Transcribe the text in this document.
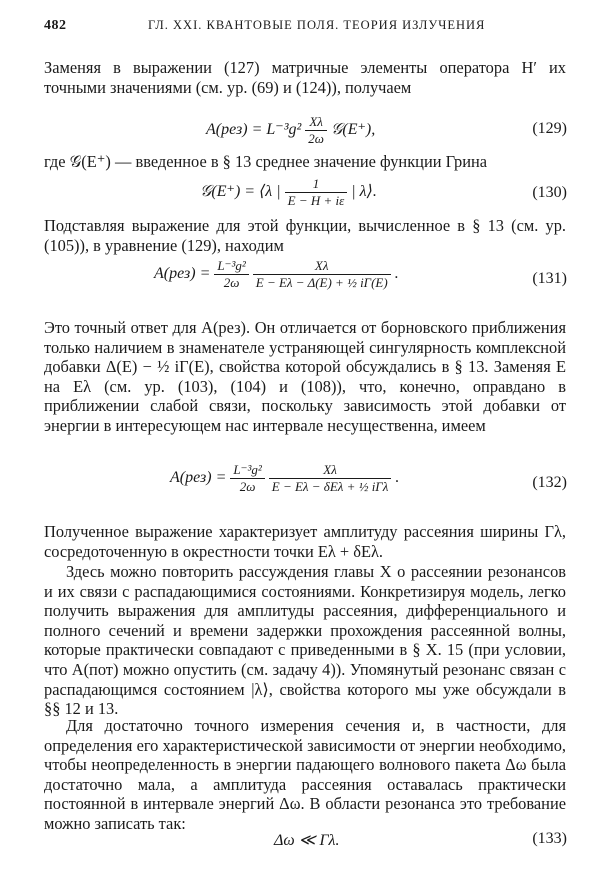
482	ГЛ. XXI. КВАНТОВЫЕ ПОЛЯ. ТЕОРИЯ ИЗЛУЧЕНИЯ
Заменяя в выражении (127) матричные элементы оператора H′ их точными значениями (см. ур. (69) и (124)), получаем
$A(рез) = L^{-3}g^2 \frac{X\lambda}{2\omega}$ 𝒢(E⁺),	(129)
где 𝒢(E⁺) — введенное в § 13 среднее значение функции Грина
𝒢(E⁺) = ⟨λ | $\frac{1}{E - H + i\varepsilon}$ | λ⟩.	(130)
Подставляя выражение для этой функции, вычисленное в § 13 (см. ур. (105)), в уравнение (129), находим
$A(рез) = \frac{\text{L⁻³g²}}{2\omega}$
$\frac{X\lambda}{\text{E − Eλ − Δ(E) + ½ iΓ(E)}}$ .	(131)
Это точный ответ для A(рез). Он отличается от борновского приближения только наличием в знаменателе устраняющей сингулярность комплексной добавки Δ(E) − ½ iΓ(E), свойства которой обсуждались в § 13. Заменяя E на Eλ (см. ур. (103), (104) и (108)), что, конечно, оправдано в приближении слабой связи, поскольку зависимость этой добавки от энергии в интересующем нас интервале несущественна, имеем
$A(рез) = \frac{\text{L⁻³g²}}{2\omega}$
$\frac{X\lambda}{\text{E − Eλ − δEλ + ½ iΓλ}}$ .	(132)
Полученное выражение характеризует амплитуду рассеяния ширины Γλ, сосредоточенную в окрестности точки Eλ + δEλ.
Здесь можно повторить рассуждения главы X о рассеянии резонансов и их связи с распадающимися состояниями. Конкретизируя модель, легко получить выражения для амплитуды рассеяния, дифференциального и полного сечений и времени задержки прохождения рассеянной волны, которые практически совпадают с приведенными в § X. 15 (при условии, что A(пот) можно опустить (см. задачу 4)). Упомянутый резонанс связан с распадающимся состоянием |λ⟩, свойства которого мы уже обсуждали в §§ 12 и 13.
Для достаточно точного измерения сечения и, в частности, для определения его характеристической зависимости от энергии необходимо, чтобы неопределенность в энергии падающего волнового пакета Δω была достаточно мала, а амплитуда рассеяния оставалась практически постоянной в интервале энергий Δω. В области резонанса это требование можно записать так:
Δω ≪ Γλ.	(133)
